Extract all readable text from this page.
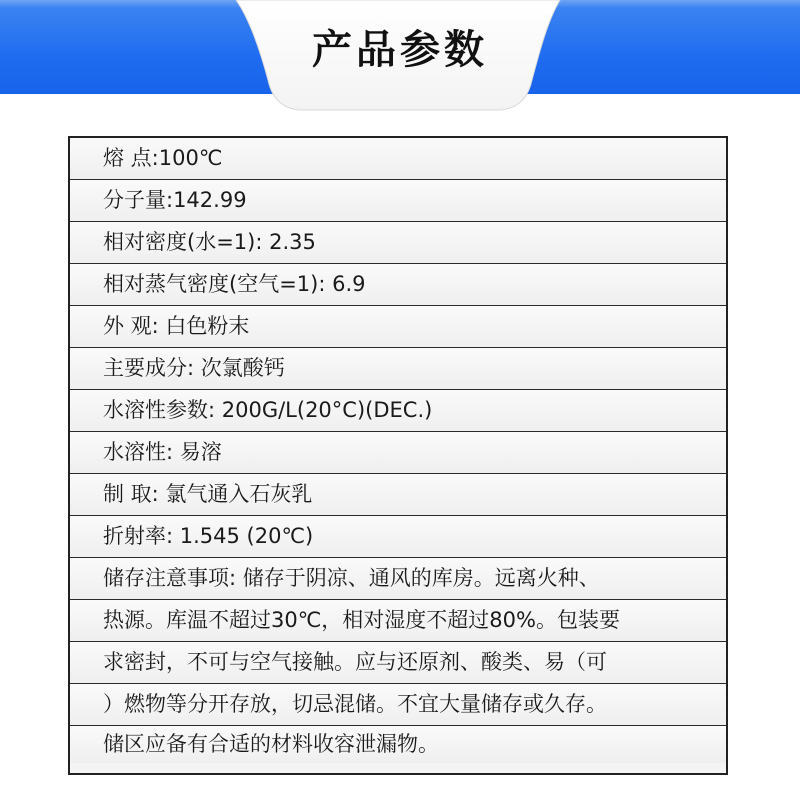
产品参数
熔 点:100℃
分子量:142.99
相对密度(水=1): 2.35
相对蒸气密度(空气=1): 6.9
外 观: 白色粉末
主要成分: 次氯酸钙
水溶性参数: 200G/L(20°C)(DEC.)
水溶性: 易溶
制 取: 氯气通入石灰乳
折射率: 1.545 (20℃)
储存注意事项: 储存于阴凉、通风的库房。远离火种、
热源。库温不超过30℃，相对湿度不超过80%。包装要
求密封，不可与空气接触。应与还原剂、酸类、易（可
）燃物等分开存放，切忌混储。不宜大量储存或久存。
储区应备有合适的材料收容泄漏物。
